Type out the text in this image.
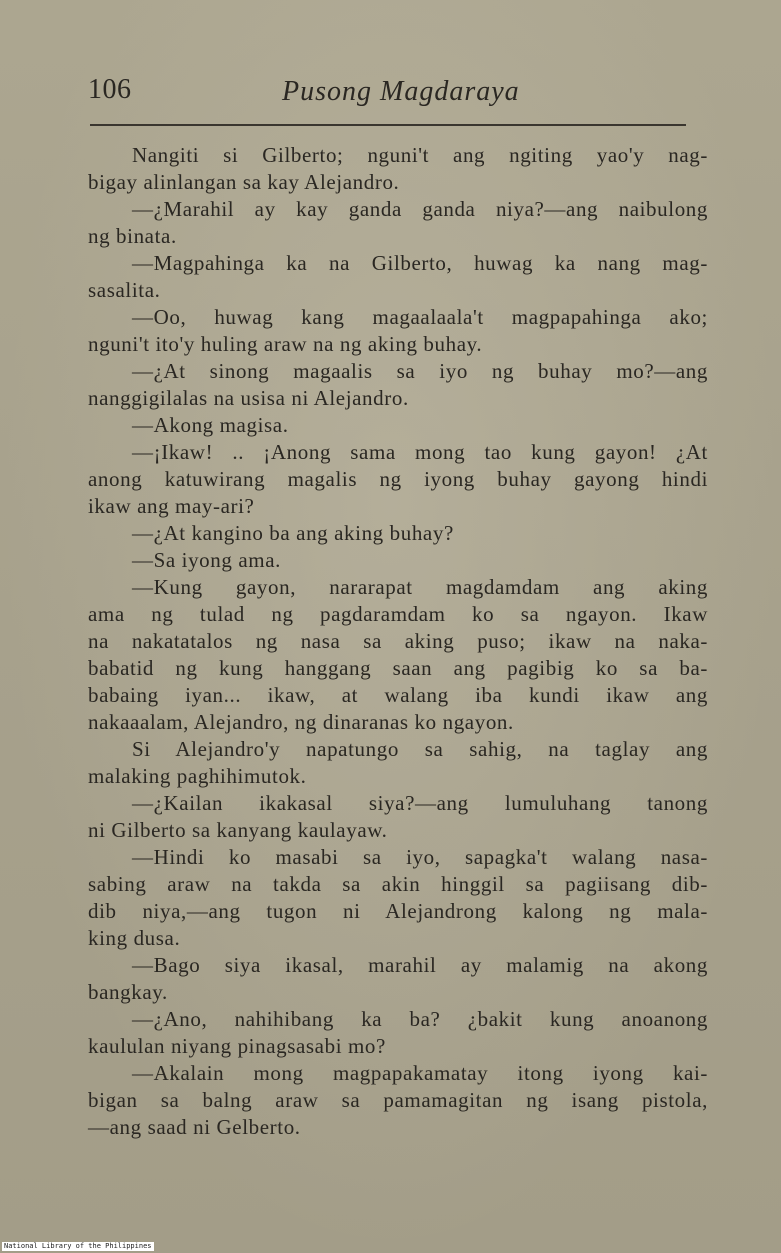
106	Pusong Magdaraya
Nangiti si Gilberto; nguni't ang ngiting yao'y nag-
bigay alinlangan sa kay Alejandro.
—¿Marahil ay kay ganda ganda niya?—ang naibulong
ng binata.
—Magpahinga ka na Gilberto, huwag ka nang mag-
sasalita.
—Oo, huwag kang magaalaala't magpapahinga ako;
nguni't ito'y huling araw na ng aking buhay.
—¿At sinong magaalis sa iyo ng buhay mo?—ang
nanggigilalas na usisa ni Alejandro.
—Akong magisa.
—¡Ikaw! .. ¡Anong sama mong tao kung gayon! ¿At
anong katuwirang magalis ng iyong buhay gayong hindi
ikaw ang may-ari?
—¿At kangino ba ang aking buhay?
—Sa iyong ama.
—Kung gayon, nararapat magdamdam ang aking
ama ng tulad ng pagdaramdam ko sa ngayon. Ikaw
na nakatatalos ng nasa sa aking puso; ikaw na naka-
babatid ng kung hanggang saan ang pagibig ko sa ba-
babaing iyan... ikaw, at walang iba kundi ikaw ang
nakaaalam, Alejandro, ng dinaranas ko ngayon.
Si Alejandro'y napatungo sa sahig, na taglay ang
malaking paghihimutok.
—¿Kailan ikakasal siya?—ang lumuluhang tanong
ni Gilberto sa kanyang kaulayaw.
—Hindi ko masabi sa iyo, sapagka't walang nasa-
sabing araw na takda sa akin hinggil sa pagiisang dib-
dib niya,—ang tugon ni Alejandrong kalong ng mala-
king dusa.
—Bago siya ikasal, marahil ay malamig na akong
bangkay.
—¿Ano, nahihibang ka ba? ¿bakit kung anoanong
kaululan niyang pinagsasabi mo?
—Akalain mong magpapakamatay itong iyong kai-
bigan sa balng araw sa pamamagitan ng isang pistola,
—ang saad ni Gelberto.
National Library of the Philippines
